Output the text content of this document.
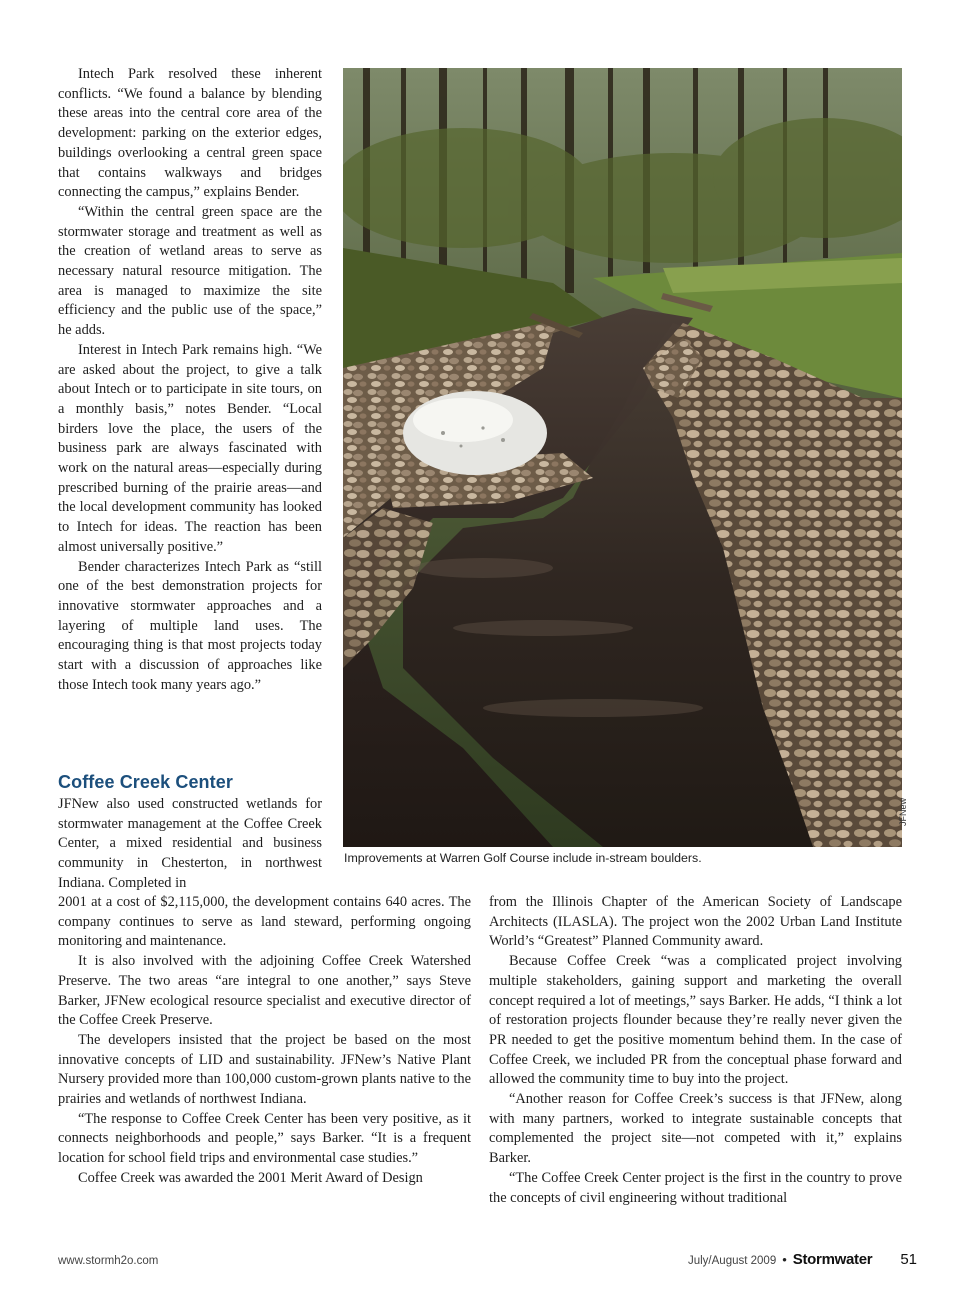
Intech Park resolved these inherent conflicts. “We found a balance by blending these areas into the central core area of the development: parking on the exterior edges, buildings overlooking a central green space that contains walkways and bridges connecting the campus,” explains Bender.

“Within the central green space are the stormwater storage and treatment as well as the creation of wetland areas to serve as necessary natural resource mitigation. The area is managed to maximize the site efficiency and the public use of the space,” he adds.

Interest in Intech Park remains high. “We are asked about the project, to give a talk about Intech or to participate in site tours, on a monthly basis,” notes Bender. “Local birders love the place, the users of the business park are always fascinated with work on the natural areas—especially during prescribed burning of the prairie areas—and the local development community has looked to Intech for ideas. The reaction has been almost universally positive.”

Bender characterizes Intech Park as “still one of the best demonstration projects for innovative stormwater approaches and a layering of multiple land uses. The encouraging thing is that most projects today start with a discussion of approaches like those Intech took many years ago.”

Coffee Creek Center
JFNew also used constructed wetlands for stormwater management at the Coffee Creek Center, a mixed residential and business community in Chesterton, in northwest Indiana. Completed in
JFNew
Improvements at Warren Golf Course include in-stream boulders.

2001 at a cost of $2,115,000, the development contains 640 acres. The company continues to serve as land steward, performing ongoing monitoring and maintenance.

It is also involved with the adjoining Coffee Creek Watershed Preserve. The two areas “are integral to one another,” says Steve Barker, JFNew ecological resource specialist and executive director of the Coffee Creek Preserve.

The developers insisted that the project be based on the most innovative concepts of LID and sustainability. JFNew’s Native Plant Nursery provided more than 100,000 custom-grown plants native to the prairies and wetlands of northwest Indiana.

“The response to Coffee Creek Center has been very positive, as it connects neighborhoods and people,” says Barker. “It is a frequent location for school field trips and environmental case studies.”

Coffee Creek was awarded the 2001 Merit Award of Design

from the Illinois Chapter of the American Society of Landscape Architects (ILASLA). The project won the 2002 Urban Land Institute World’s “Greatest” Planned Community award.

Because Coffee Creek “was a complicated project involving multiple stakeholders, gaining support and marketing the overall concept required a lot of meetings,” says Barker. He adds, “I think a lot of restoration projects flounder because they’re really never given the PR needed to get the positive momentum behind them. In the case of Coffee Creek, we included PR from the conceptual phase forward and allowed the community time to buy into the project.

“Another reason for Coffee Creek’s success is that JFNew, along with many partners, worked to integrate sustainable concepts that complemented the project site—not competed with it,” explains Barker.

“The Coffee Creek Center project is the first in the country to prove the concepts of civil engineering without traditional

www.stormh2o.com	July/August 2009 • Stormwater 51
